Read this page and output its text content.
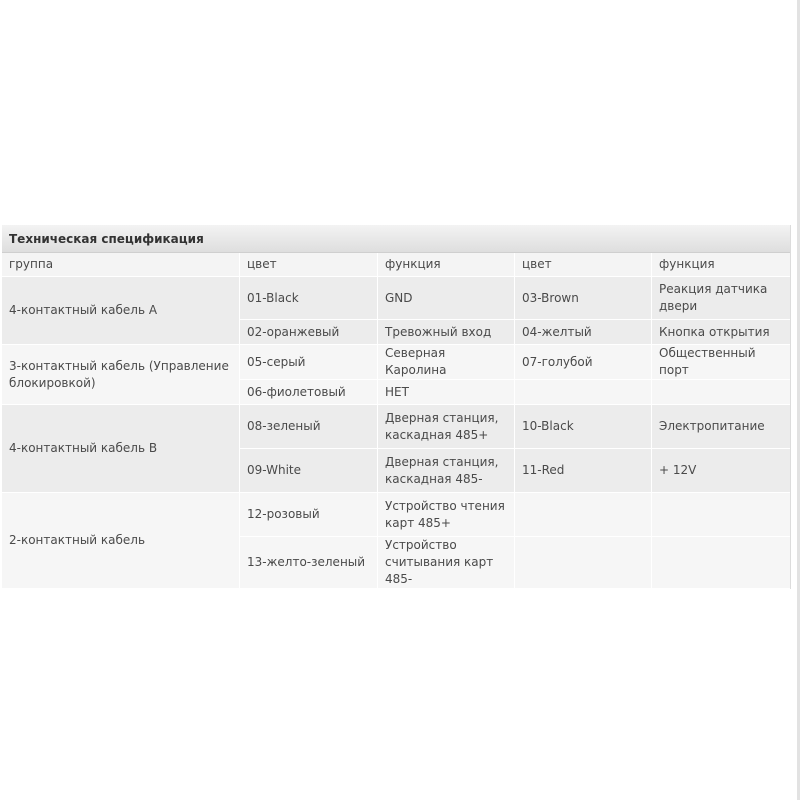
Техническая спецификация
группа	цвет	функция	цвет	функция
4-контактный кабель A	01-Black	GND	03-Brown	Реакция датчика двери
	02-оранжевый	Тревожный вход	04-желтый	Кнопка открытия
3-контактный кабель (Управление блокировкой)	05-серый	Северная Каролина	07-голубой	Общественный порт
	06-фиолетовый	НЕТ		
4-контактный кабель B	08-зеленый	Дверная станция, каскадная 485+	10-Black	Электропитание
	09-White	Дверная станция, каскадная 485-	11-Red	+ 12V
2-контактный кабель	12-розовый	Устройство чтения карт 485+		
	13-желто-зеленый	Устройство считывания карт 485-		
